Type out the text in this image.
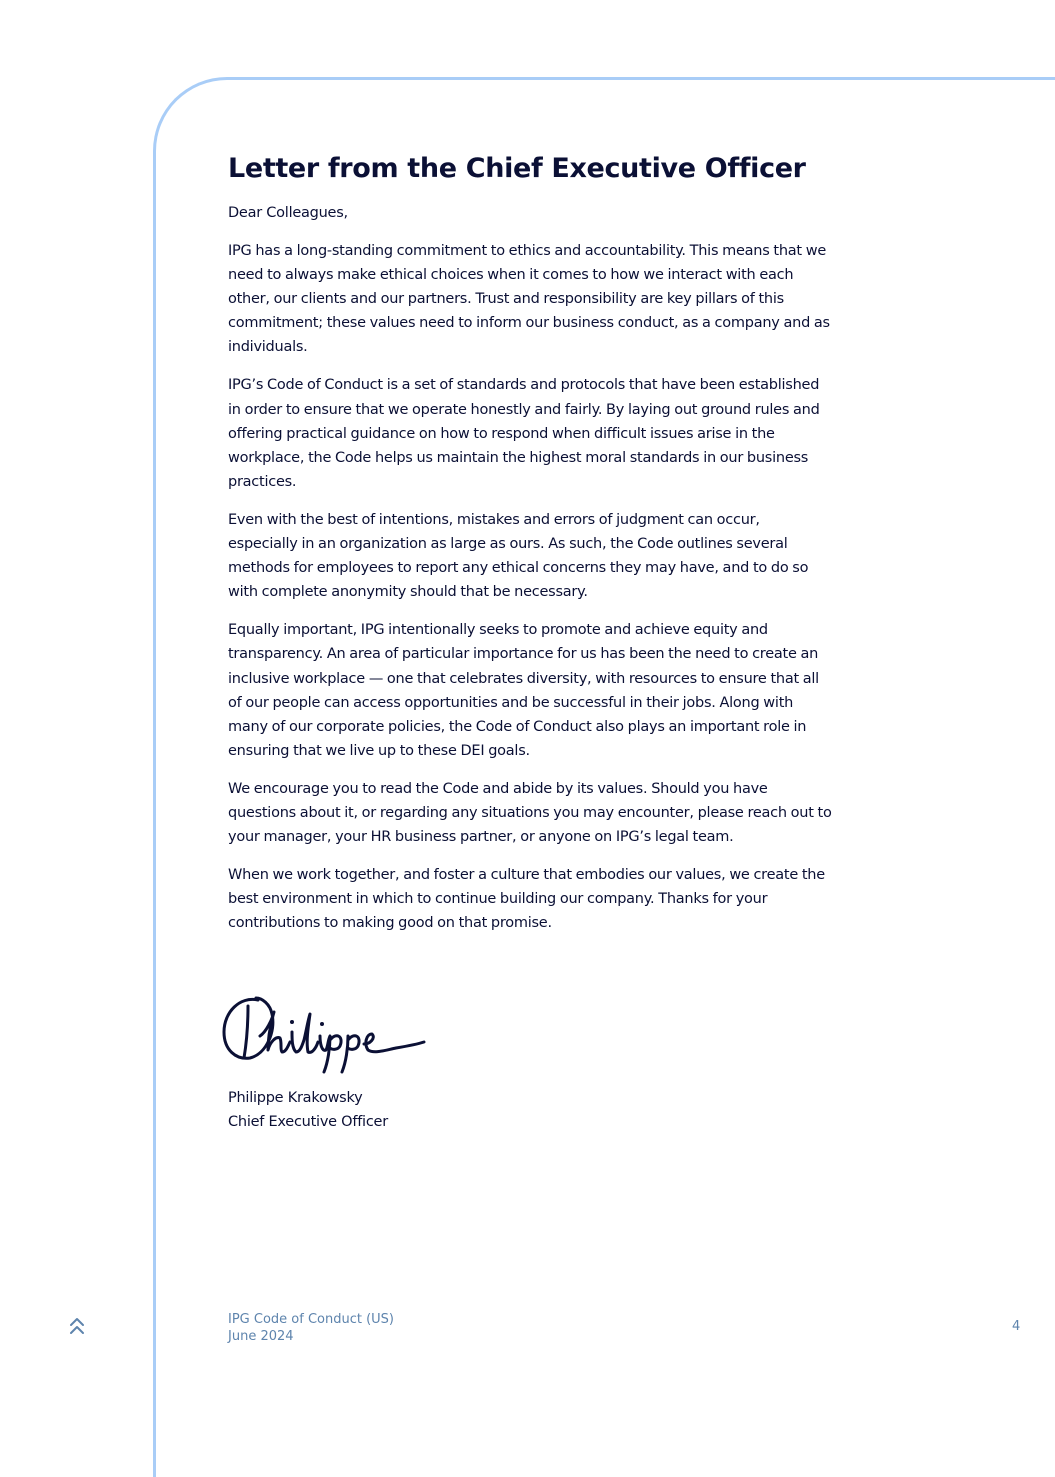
Letter from the Chief Executive Officer

Dear Colleagues,

IPG has a long-standing commitment to ethics and accountability. This means that we need to always make ethical choices when it comes to how we interact with each other, our clients and our partners. Trust and responsibility are key pillars of this commitment; these values need to inform our business conduct, as a company and as individuals.

IPG’s Code of Conduct is a set of standards and protocols that have been established in order to ensure that we operate honestly and fairly. By laying out ground rules and offering practical guidance on how to respond when difficult issues arise in the workplace, the Code helps us maintain the highest moral standards in our business practices.

Even with the best of intentions, mistakes and errors of judgment can occur, especially in an organization as large as ours. As such, the Code outlines several methods for employees to report any ethical concerns they may have, and to do so with complete anonymity should that be necessary.

Equally important, IPG intentionally seeks to promote and achieve equity and transparency. An area of particular importance for us has been the need to create an inclusive workplace — one that celebrates diversity, with resources to ensure that all of our people can access opportunities and be successful in their jobs. Along with many of our corporate policies, the Code of Conduct also plays an important role in ensuring that we live up to these DEI goals.

We encourage you to read the Code and abide by its values. Should you have questions about it, or regarding any situations you may encounter, please reach out to your manager, your HR business partner, or anyone on IPG’s legal team.

When we work together, and foster a culture that embodies our values, we create the best environment in which to continue building our company. Thanks for your contributions to making good on that promise.

Philippe Krakowsky
Chief Executive Officer
IPG Code of Conduct (US)
June 2024
4
